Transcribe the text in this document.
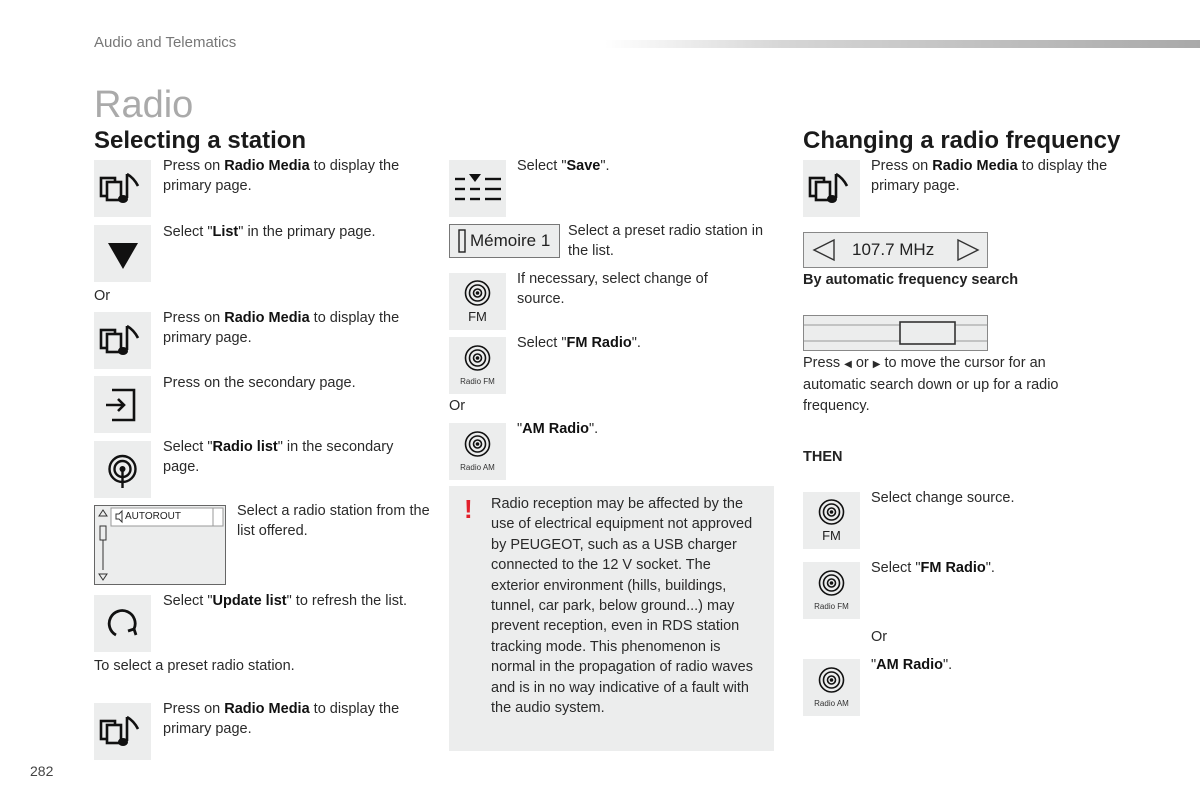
Audio and Telematics
Radio
Selecting a station
Press on Radio Media to display the primary page.
Select "List" in the primary page.
Or
Press on Radio Media to display the primary page.
Press on the secondary page.
Select "Radio list" in the secondary page.
AUTOROUT	Select a radio station from the list offered.
Select "Update list" to refresh the list.
To select a preset radio station.
Press on Radio Media to display the primary page.
Select "Save".
Mémoire 1 Select a preset radio station in the list.
FM
If necessary, select change of source.
Radio FM
Select "FM Radio".
Or
Radio AM
"AM Radio".
! Radio reception may be affected by the use of electrical equipment not approved by PEUGEOT, such as a USB charger connected to the 12 V socket. The exterior environment (hills, buildings, tunnel, car park, below ground...) may prevent reception, even in RDS station tracking mode. This phenomenon is normal in the propagation of radio waves and is in no way indicative of a fault with the audio system.
Changing a radio frequency
Press on Radio Media to display the primary page.
107.7 MHz
By automatic frequency search
Press ◀ or ▶ to move the cursor for an automatic search down or up for a radio frequency.
THEN
FM
Select change source.
Radio FM
Select "FM Radio".
Or
Radio AM
"AM Radio".
282
